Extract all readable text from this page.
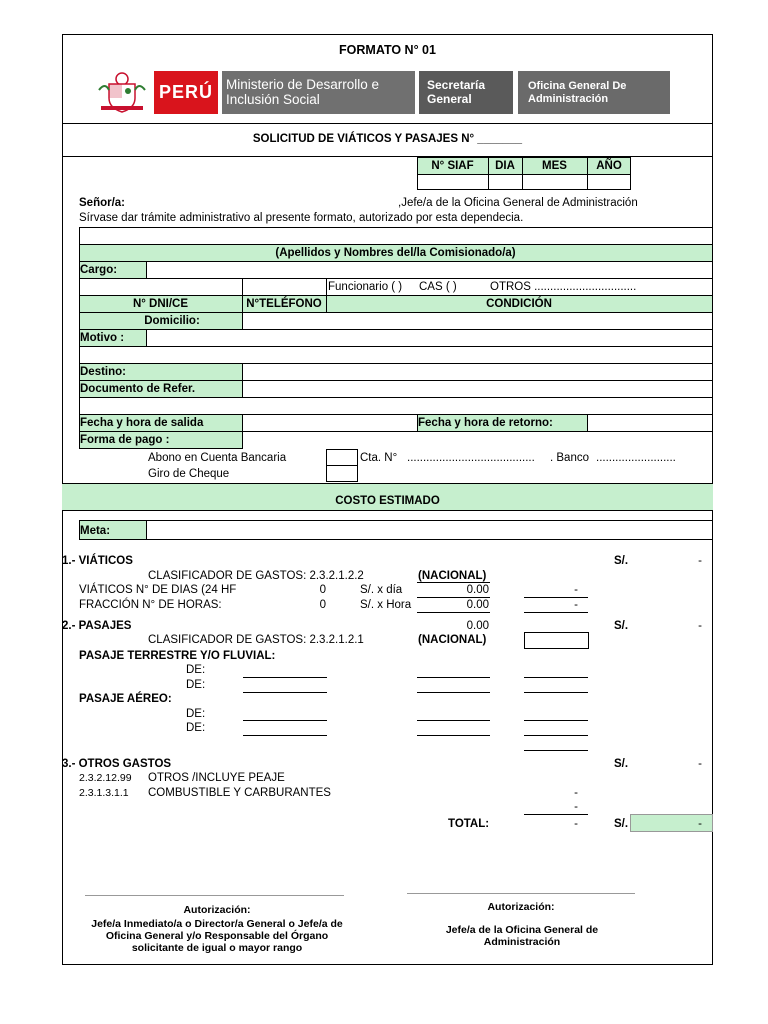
FORMATO N° 01
PERÚ Ministerio de Desarrollo e Inclusión Social
Secretaría General
Oficina General De Administración
SOLICITUD DE VIÁTICOS Y PASAJES N° _______
N° SIAF	DIA	MES	AÑO
Señor/a:	,Jefe/a de la Oficina General de Administración
Sírvase dar trámite administrativo al presente formato, autorizado por esta dependecia.
(Apellidos y Nombres del/la Comisionado/a)
Cargo:
Funcionario ( ) CAS ( )	OTROS ................................
N° DNI/CE	N°TELÉFONO	CONDICIÓN
Domicilio:
Motivo :
Destino:
Documento de Refer.
Fecha y hora de salida	Fecha y hora de retorno:
Forma de pago :
Abono en Cuenta Bancaria	Cta. N° ........................................ . Banco .........................
Giro de Cheque
COSTO ESTIMADO
Meta:
1.- VIÁTICOS	S/.	-
CLASIFICADOR DE GASTOS: 2.3.2.1.2.2	(NACIONAL)
VIÁTICOS N° DE DIAS (24 HF	0	S/. x día	0.00	-
FRACCIÓN N° DE HORAS:	0	S/. x Hora	0.00	-
2.- PASAJES	0.00	S/.	-
CLASIFICADOR DE GASTOS: 2.3.2.1.2.1	(NACIONAL)
PASAJE TERRESTRE Y/O FLUVIAL:
DE:
DE:
PASAJE AÉREO:
DE:
DE:
3.- OTROS GASTOS	S/.	-
2.3.2.12.99 OTROS /INCLUYE PEAJE
2.3.1.3.1.1 COMBUSTIBLE Y CARBURANTES	-
-
TOTAL:	-	S/.	-
Autorización:
Jefe/a Inmediato/a o Director/a General o Jefe/a de Oficina General y/o Responsable del Órgano solicitante de igual o mayor rango
Autorización:
Jefe/a de la Oficina General de Administración
